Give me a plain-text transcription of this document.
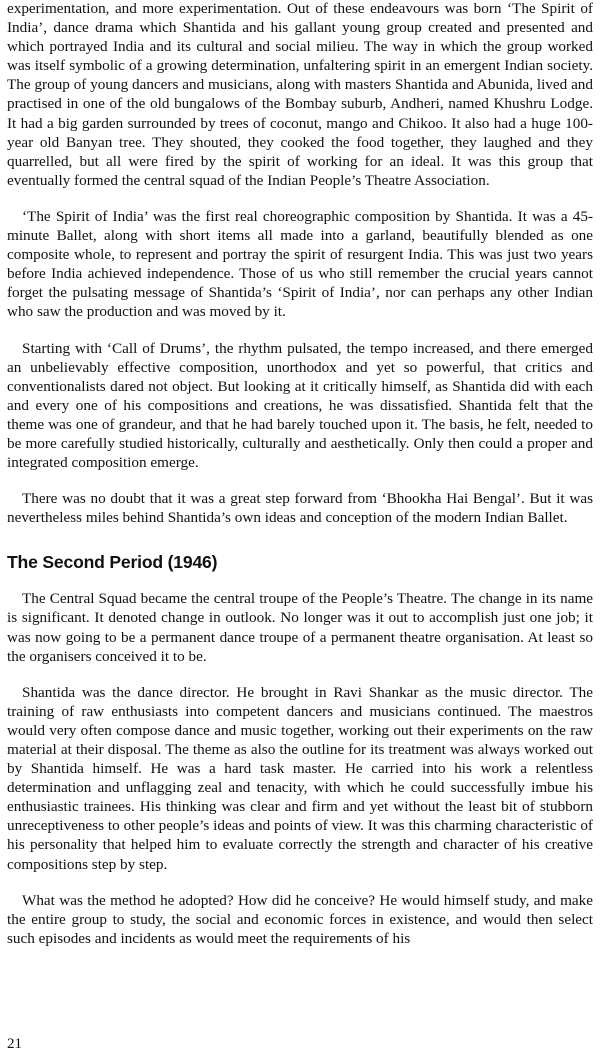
experimentation, and more experimentation. Out of these endeavours was born ‘The Spirit of India’, dance drama which Shantida and his gallant young group created and presented and which portrayed India and its cultural and social milieu. The way in which the group worked was itself symbolic of a growing determination, unfaltering spirit in an emergent Indian society. The group of young dancers and musicians, along with masters Shantida and Abunida, lived and practised in one of the old bungalows of the Bombay suburb, Andheri, named Khushru Lodge. It had a big garden surrounded by trees of coconut, mango and Chikoo. It also had a huge 100-year old Banyan tree. They shouted, they cooked the food together, they laughed and they quarrelled, but all were fired by the spirit of working for an ideal. It was this group that eventually formed the central squad of the Indian People’s Theatre Association.

‘The Spirit of India’ was the first real choreographic composition by Shantida. It was a 45-minute Ballet, along with short items all made into a garland, beautifully blended as one composite whole, to represent and portray the spirit of resurgent India. This was just two years before India achieved independence. Those of us who still remember the crucial years cannot forget the pulsating message of Shantida’s ‘Spirit of India’, nor can perhaps any other Indian who saw the production and was moved by it.

Starting with ‘Call of Drums’, the rhythm pulsated, the tempo increased, and there emerged an unbelievably effective composition, unorthodox and yet so powerful, that critics and conventionalists dared not object. But looking at it critically himself, as Shantida did with each and every one of his compositions and creations, he was dissatisfied. Shantida felt that the theme was one of grandeur, and that he had barely touched upon it. The basis, he felt, needed to be more carefully studied historically, culturally and aesthetically. Only then could a proper and integrated composition emerge.

There was no doubt that it was a great step forward from ‘Bhookha Hai Bengal’. But it was nevertheless miles behind Shantida’s own ideas and conception of the modern Indian Ballet.

The Second Period (1946)

The Central Squad became the central troupe of the People’s Theatre. The change in its name is significant. It denoted change in outlook. No longer was it out to accomplish just one job; it was now going to be a permanent dance troupe of a permanent theatre organisation. At least so the organisers conceived it to be.

Shantida was the dance director. He brought in Ravi Shankar as the music director. The training of raw enthusiasts into competent dancers and musicians continued. The maestros would very often compose dance and music together, working out their experiments on the raw material at their disposal. The theme as also the outline for its treatment was always worked out by Shantida himself. He was a hard task master. He carried into his work a relentless determination and unflagging zeal and tenacity, with which he could successfully imbue his enthusiastic trainees. His thinking was clear and firm and yet without the least bit of stubborn unreceptiveness to other people’s ideas and points of view. It was this charming characteristic of his personality that helped him to evaluate correctly the strength and character of his creative compositions step by step.

What was the method he adopted? How did he conceive? He would himself study, and make the entire group to study, the social and economic forces in existence, and would then select such episodes and incidents as would meet the requirements of his

21
